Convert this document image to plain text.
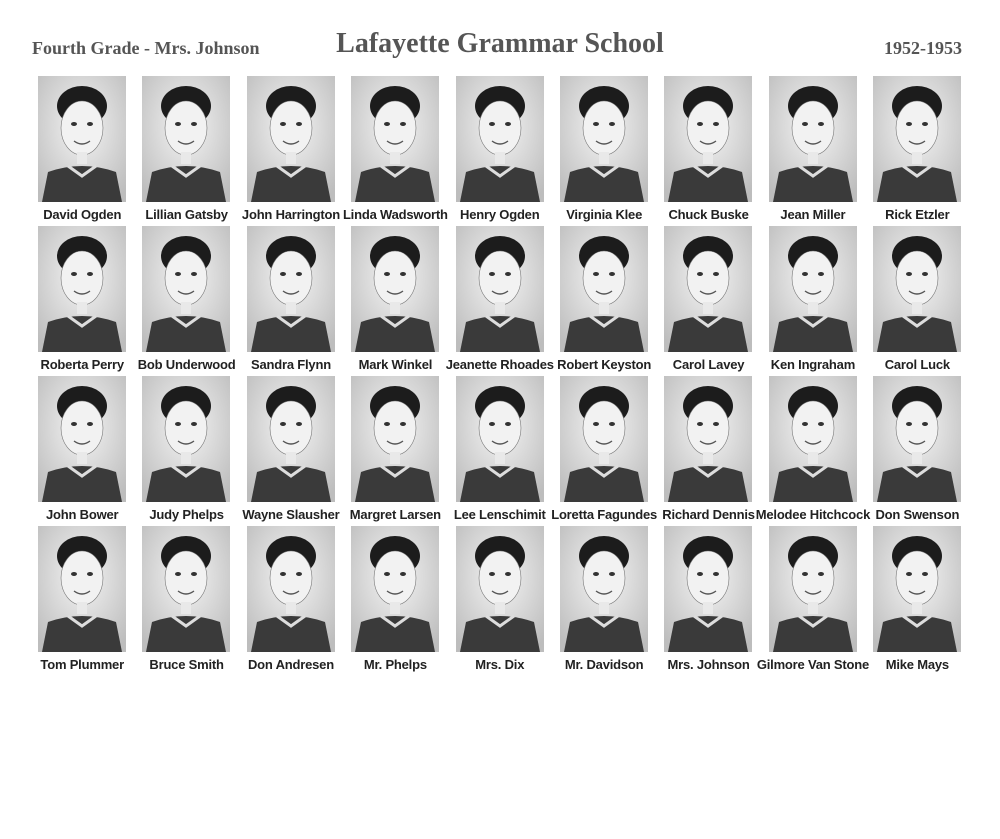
Fourth Grade - Mrs. Johnson	Lafayette Grammar School	1952-1953
David Ogden	Lillian Gatsby	John Harrington Linda Wadsworth Henry Ogden	Virginia Klee	Chuck Buske	Jean Miller	Rick Etzler
Roberta Perry	Bob Underwood	Sandra Flynn	Mark Winkel	Jeanette Rhoades Robert Keyston	Carol Lavey	Ken Ingraham	Carol Luck
John Bower	Judy Phelps	Wayne Slausher Margret Larsen Lee Lenschimit Loretta Fagundes Richard Dennis Melodee Hitchcock Don Swenson
Tom Plummer	Bruce Smith	Don Andresen	Mr. Phelps	Mrs. Dix	Mr. Davidson	Mrs. Johnson Gilmore Van Stone	Mike Mays
